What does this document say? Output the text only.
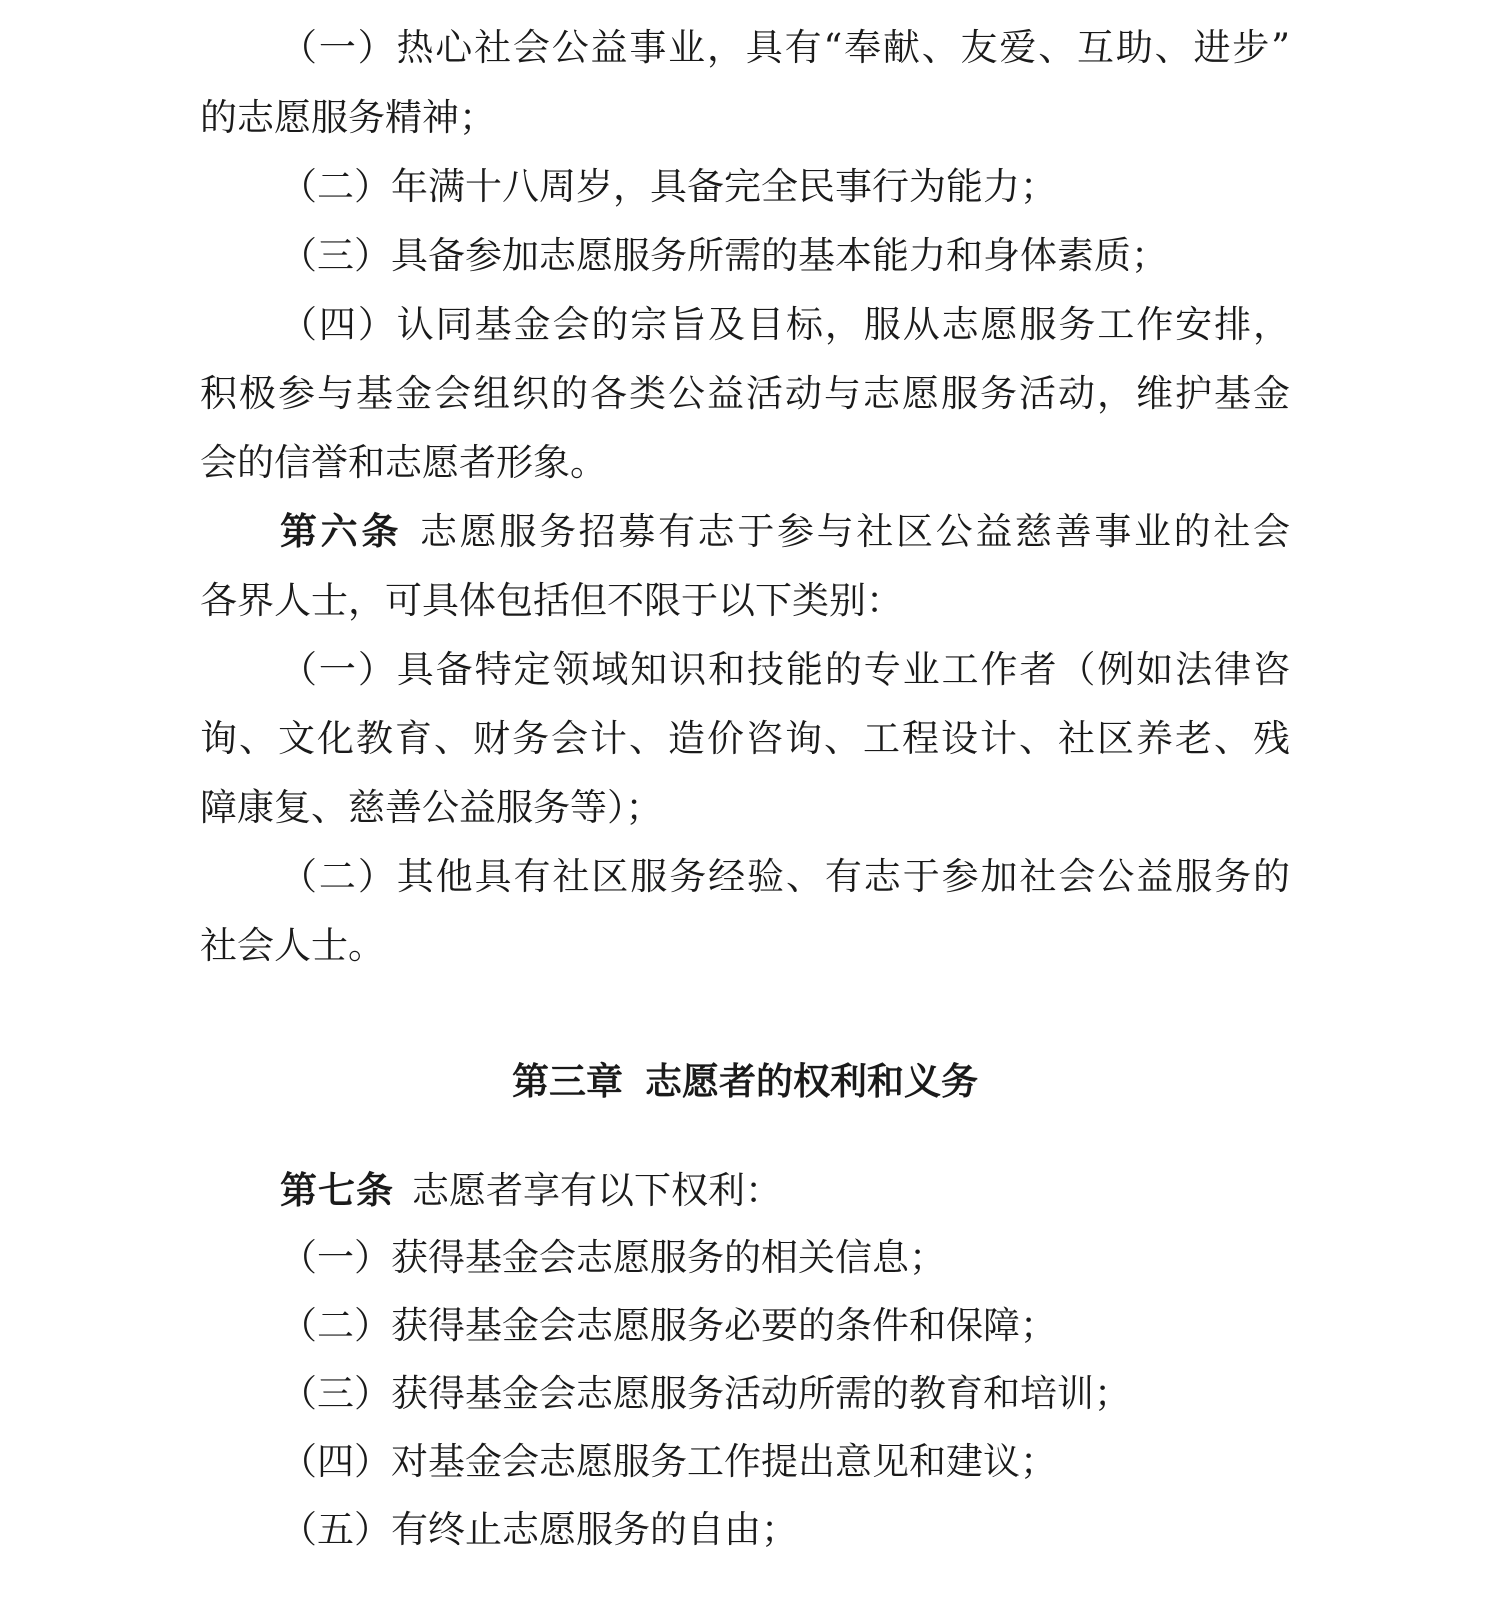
（一）热心社会公益事业，具有“奉献、友爱、互助、进步”

的志愿服务精神；

（二）年满十八周岁，具备完全民事行为能力；

（三）具备参加志愿服务所需的基本能力和身体素质；

（四）认同基金会的宗旨及目标，服从志愿服务工作安排，

积极参与基金会组织的各类公益活动与志愿服务活动，维护基金

会的信誉和志愿者形象。

第六条 志愿服务招募有志于参与社区公益慈善事业的社会

各界人士，可具体包括但不限于以下类别：

（一）具备特定领域知识和技能的专业工作者（例如法律咨

询、文化教育、财务会计、造价咨询、工程设计、社区养老、残

障康复、慈善公益服务等）；

（二）其他具有社区服务经验、有志于参加社会公益服务的

社会人士。

第三章 志愿者的权利和义务

第七条 志愿者享有以下权利：

（一）获得基金会志愿服务的相关信息；

（二）获得基金会志愿服务必要的条件和保障；

（三）获得基金会志愿服务活动所需的教育和培训；

（四）对基金会志愿服务工作提出意见和建议；

（五）有终止志愿服务的自由；
